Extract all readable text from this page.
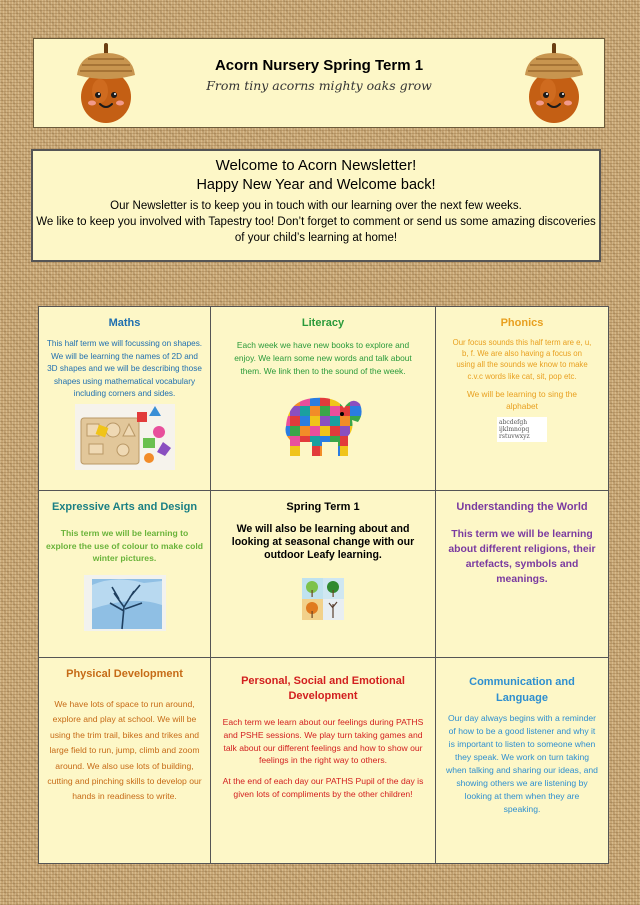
Acorn Nursery Spring Term 1
From tiny acorns mighty oaks grow
Welcome to Acorn Newsletter!
Happy New Year and Welcome back!
Our Newsletter is to keep you in touch with our learning over the next few weeks.
We like to keep you involved with Tapestry too! Don’t forget to comment or send us some amazing discoveries of your child’s learning at home!
Maths
This half term we will focussing on shapes. We will be learning the names of 2D and 3D shapes and we will be describing those shapes using mathematical vocabulary including corners and sides.
Literacy
Each week we have new books to explore and enjoy. We learn some new words and talk about them. We link then to the sound of the week.
Phonics
Our focus sounds this half term are e, u, b, f. We are also having a focus on using all the sounds we know to make c.v.c words like cat, sit, pop etc.
We will be learning to sing the alphabet
abcdefgh
ijklmnopq
rstuvwxyz
Expressive Arts and Design
This term we will be learning to explore the use of colour to make cold winter pictures.
Spring Term 1
We will also be learning about and looking at seasonal change with our outdoor Leafy learning.
Understanding the World
This term we will be learning about different religions, their artefacts, symbols and meanings.
Physical Development
We have lots of space to run around, explore and play at school. We will be using the trim trail, bikes and trikes and large field to run, jump, climb and zoom around. We also use lots of building, cutting and pinching skills to develop our hands in readiness to write.
Personal, Social and Emotional Development
Each term we learn about our feelings during PATHS and PSHE sessions. We play turn taking games and talk about our different feelings and how to show our feelings in the right way to others.
At the end of each day our PATHS Pupil of the day is given lots of compliments by the other children!
Communication and Language
Our day always begins with a reminder of how to be a good listener and why it is important to listen to someone when they speak. We work on turn taking when talking and sharing our ideas, and showing others we are listening by looking at them when they are speaking.
